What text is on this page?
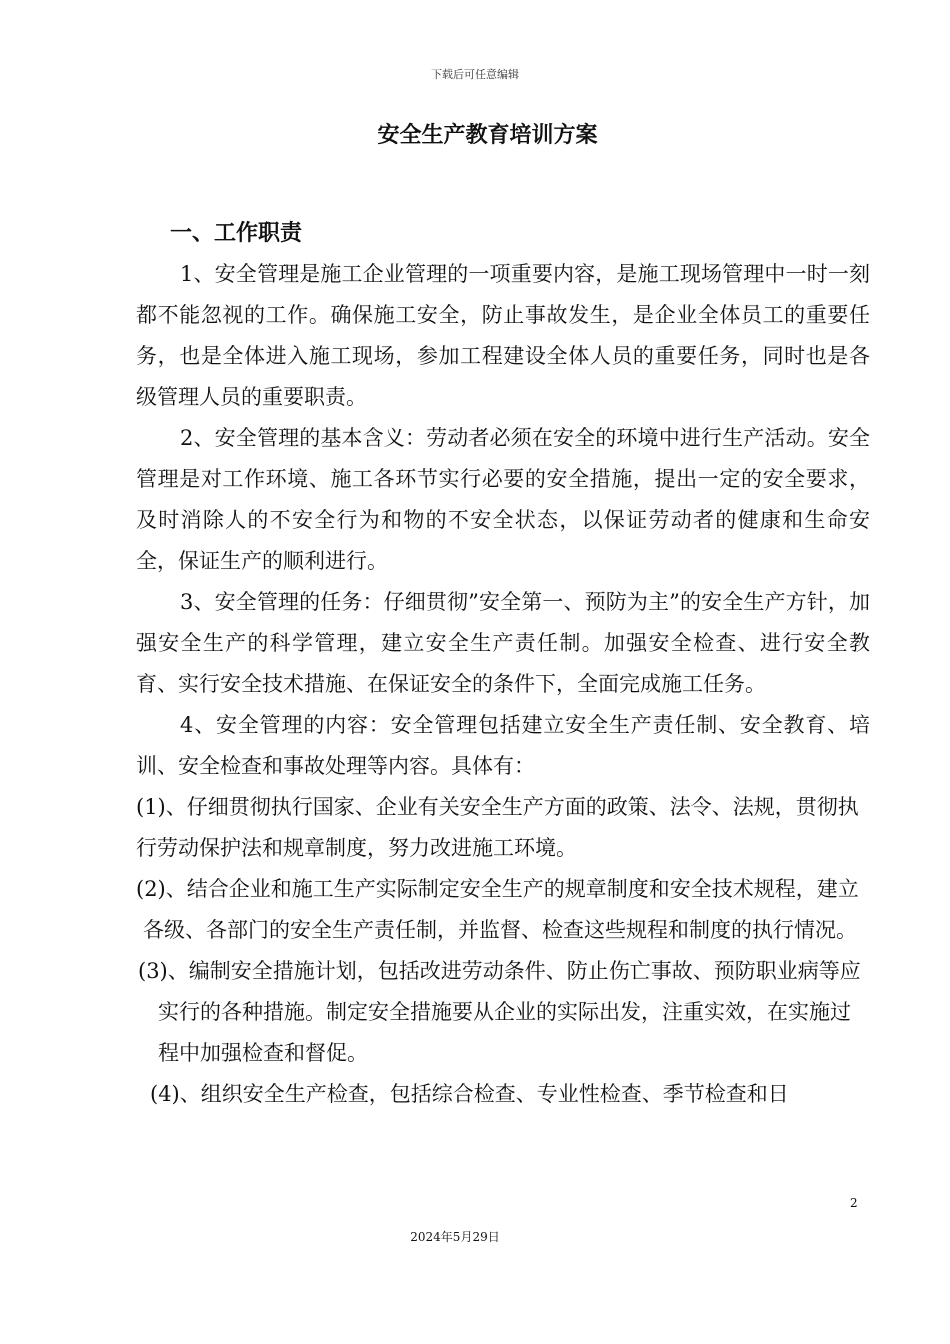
下载后可任意编辑
安全生产教育培训方案
一、工作职责

1、安全管理是施工企业管理的一项重要内容，是施工现场管理中一时一刻都不能忽视的工作。确保施工安全，防止事故发生，是企业全体员工的重要任务，也是全体进入施工现场，参加工程建设全体人员的重要任务，同时也是各级管理人员的重要职责。

2、安全管理的基本含义：劳动者必须在安全的环境中进行生产活动。安全管理是对工作环境、施工各环节实行必要的安全措施，提出一定的安全要求，及时消除人的不安全行为和物的不安全状态，以保证劳动者的健康和生命安全，保证生产的顺利进行。

3、安全管理的任务：仔细贯彻”安全第一、预防为主”的安全生产方针，加强安全生产的科学管理，建立安全生产责任制。加强安全检查、进行安全教育、实行安全技术措施、在保证安全的条件下，全面完成施工任务。

4、安全管理的内容：安全管理包括建立安全生产责任制、安全教育、培训、安全检查和事故处理等内容。具体有：

(1)、仔细贯彻执行国家、企业有关安全生产方面的政策、法令、法规，贯彻执行劳动保护法和规章制度，努力改进施工环境。

(2)、结合企业和施工生产实际制定安全生产的规章制度和安全技术规程，建立各级、各部门的安全生产责任制，并监督、检查这些规程和制度的执行情况。

(3)、编制安全措施计划，包括改进劳动条件、防止伤亡事故、预防职业病等应实行的各种措施。制定安全措施要从企业的实际出发，注重实效，在实施过程中加强检查和督促。

(4)、组织安全生产检查，包括综合检查、专业性检查、季节检查和日

2
2024年5月29日
